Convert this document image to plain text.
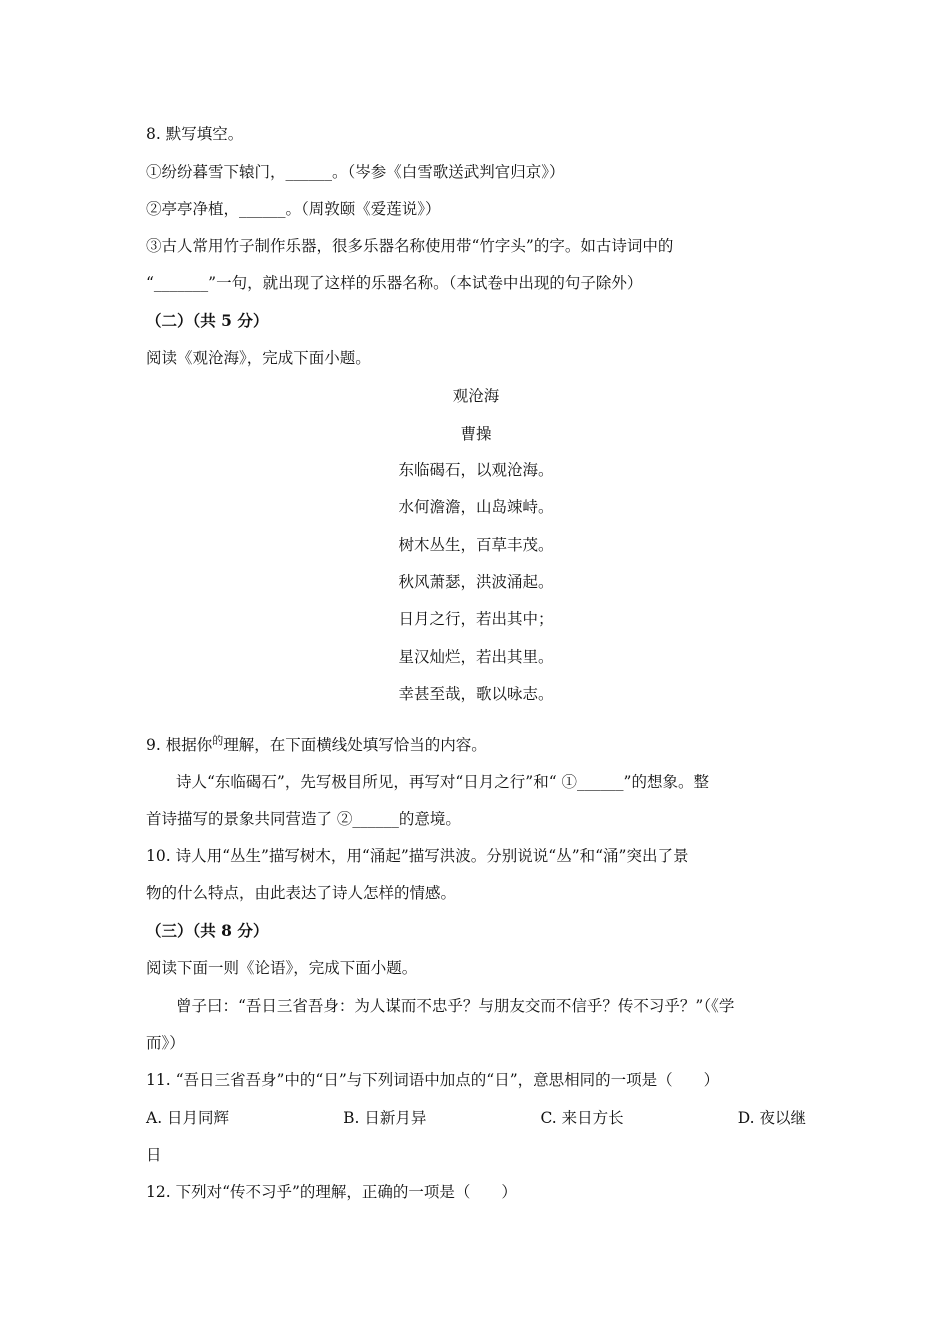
8. 默写填空。
①纷纷暮雪下辕门，______。（岑参《白雪歌送武判官归京》）
②亭亭净植，______。（周敦颐《爱莲说》）
③古人常用竹子制作乐器，很多乐器名称使用带“竹字头”的字。如古诗词中的
“_______”一句，就出现了这样的乐器名称。（本试卷中出现的句子除外）
（二）（共 5 分）
阅读《观沧海》，完成下面小题。
观沧海
曹操
东临碣石，以观沧海。
水何澹澹，山岛竦峙。
树木丛生，百草丰茂。
秋风萧瑟，洪波涌起。
日月之行，若出其中；
星汉灿烂，若出其里。
幸甚至哉，歌以咏志。
9. 根据你$^的$理解，在下面横线处填写恰当的内容。
诗人“东临碣石”，先写极目所见，再写对“日月之行”和“ ①______”的想象。整
首诗描写的景象共同营造了 ②______的意境。
10. 诗人用“丛生”描写树木，用“涌起”描写洪波。分别说说“丛”和“涌”突出了景
物的什么特点，由此表达了诗人怎样的情感。
（三）（共 8 分）
阅读下面一则《论语》，完成下面小题。
曾子曰：“吾日三省吾身：为人谋而不忠乎？与朋友交而不信乎？传不习乎？”（《学
而》）
11. “吾日三省吾身”中的“日”与下列词语中加点的“日”，意思相同的一项是（　　）
A. 日月同辉	B. 日新月异	C. 来日方长	D. 夜以继
日
12. 下列对“传不习乎”的理解，正确的一项是（　　）
